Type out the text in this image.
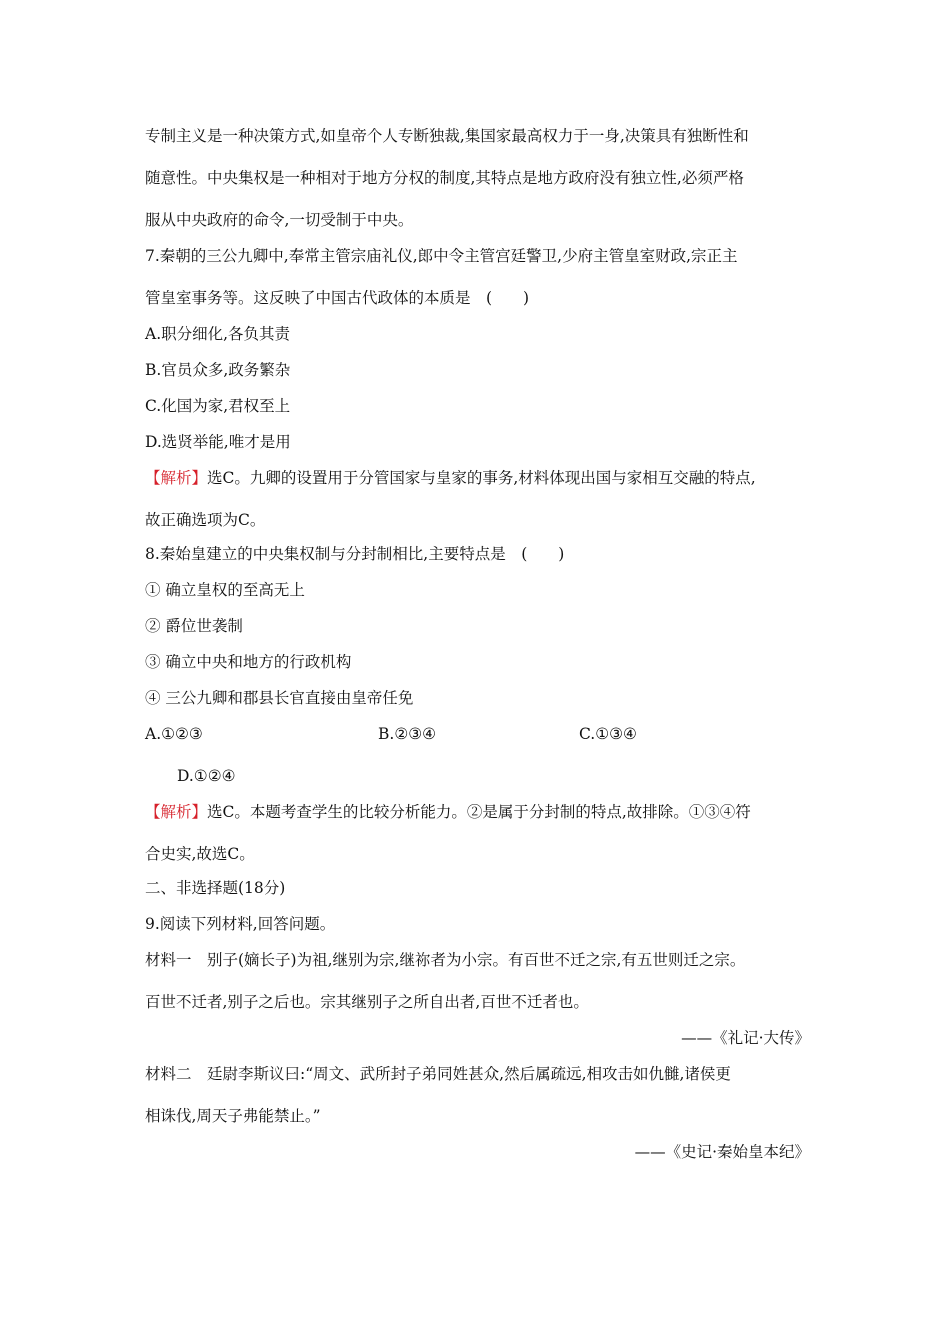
专制主义是一种决策方式,如皇帝个人专断独裁,集国家最高权力于一身,决策具有独断性和
随意性。中央集权是一种相对于地方分权的制度,其特点是地方政府没有独立性,必须严格
服从中央政府的命令,一切受制于中央。
7.秦朝的三公九卿中,奉常主管宗庙礼仪,郎中令主管宫廷警卫,少府主管皇室财政,宗正主
管皇室事务等。这反映了中国古代政体的本质是　(　　)
A.职分细化,各负其责
B.官员众多,政务繁杂
C.化国为家,君权至上
D.选贤举能,唯才是用
【解析】选C。九卿的设置用于分管国家与皇家的事务,材料体现出国与家相互交融的特点,
故正确选项为C。
8.秦始皇建立的中央集权制与分封制相比,主要特点是　(　　)
① 确立皇权的至高无上
② 爵位世袭制
③ 确立中央和地方的行政机构
④ 三公九卿和郡县长官直接由皇帝任免
A.①②③	B.②③④	C.①③④
D.①②④
【解析】选C。本题考查学生的比较分析能力。②是属于分封制的特点,故排除。①③④符
合史实,故选C。
二、非选择题(18分)
9.阅读下列材料,回答问题。
材料一　别子(嫡长子)为祖,继别为宗,继祢者为小宗。有百世不迁之宗,有五世则迁之宗。
百世不迁者,别子之后也。宗其继别子之所自出者,百世不迁者也。
——《礼记·大传》
材料二　廷尉李斯议曰:“周文、武所封子弟同姓甚众,然后属疏远,相攻击如仇雠,诸侯更
相诛伐,周天子弗能禁止。”
——《史记·秦始皇本纪》
